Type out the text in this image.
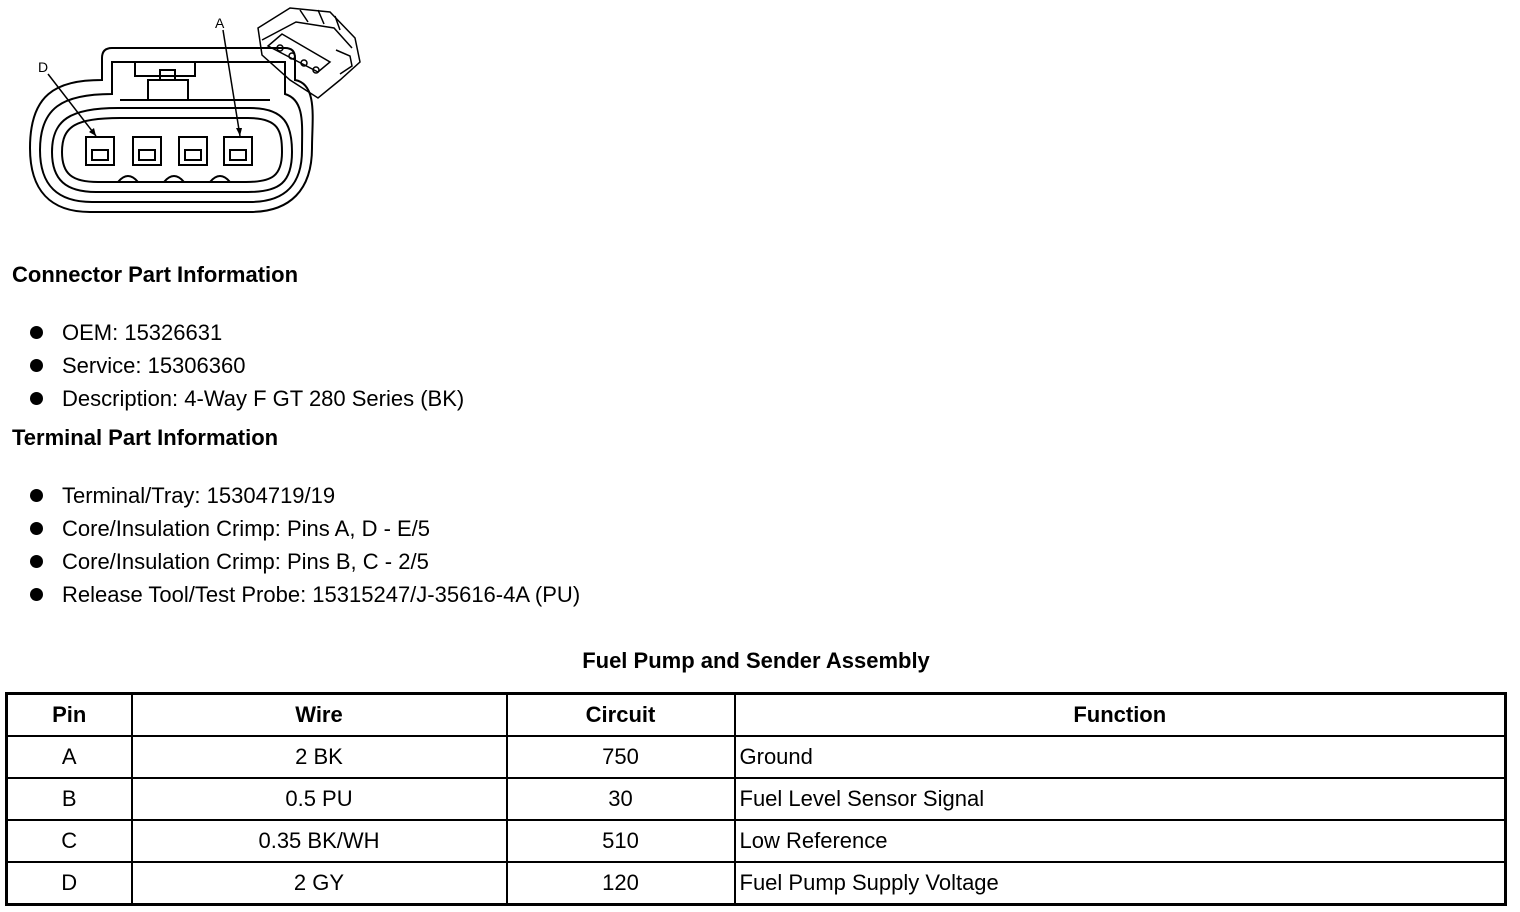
D
A
Connector Part Information
OEM: 15326631
Service: 15306360
Description: 4-Way F GT 280 Series (BK)
Terminal Part Information
Terminal/Tray: 15304719/19
Core/Insulation Crimp: Pins A, D - E/5
Core/Insulation Crimp: Pins B, C - 2/5
Release Tool/Test Probe: 15315247/J-35616-4A (PU)
Fuel Pump and Sender Assembly
Pin	Wire	Circuit	Function
A	2 BK	750	Ground
B	0.5 PU	30	Fuel Level Sensor Signal
C	0.35 BK/WH	510	Low Reference
D	2 GY	120	Fuel Pump Supply Voltage
